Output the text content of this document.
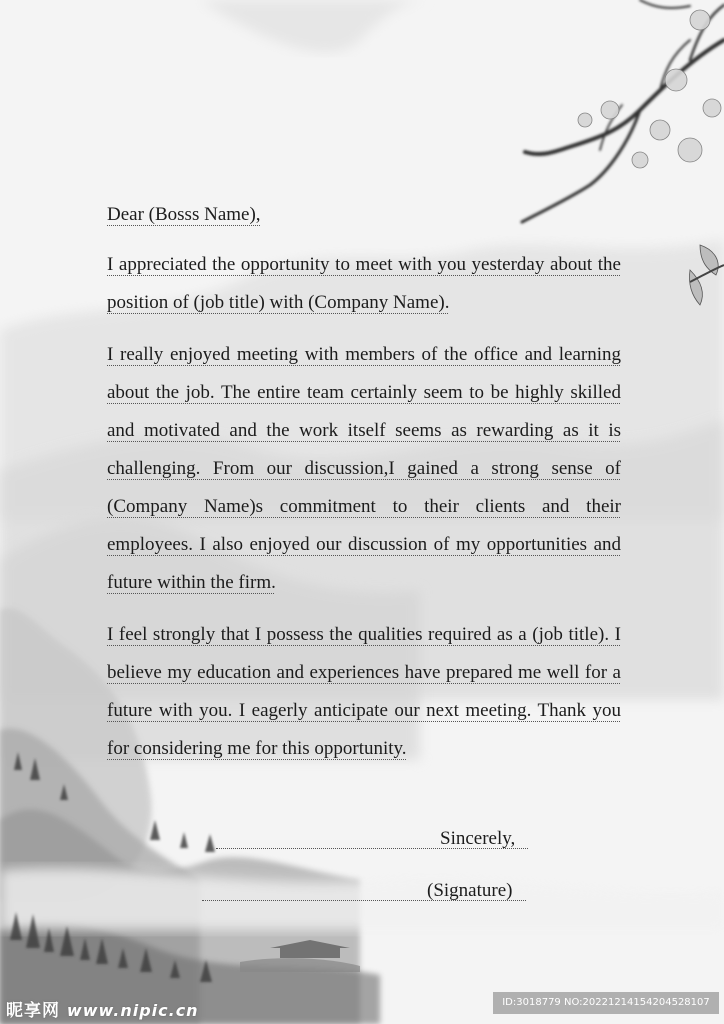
Dear (Bosss Name),

I appreciated the opportunity to meet with you yesterday about the position of (job title) with (Company Name).

I really enjoyed meeting with members of the office and learning about the job. The entire team certainly seem to be highly skilled and motivated and the work itself seems as rewarding as it is challenging. From our discussion,I gained a strong sense of (Company Name)s commitment to their clients and their employees. I also enjoyed our discussion of my opportunities and future within the firm.

I feel strongly that I possess the qualities required as a (job title). I believe my education and experiences have prepared me well for a future with you. I eagerly anticipate our next meeting. Thank you for considering me for this opportunity.

Sincerely,
(Signature)
昵享网 www.nipic.cn	ID:3018779 NO:20221214154204528107
